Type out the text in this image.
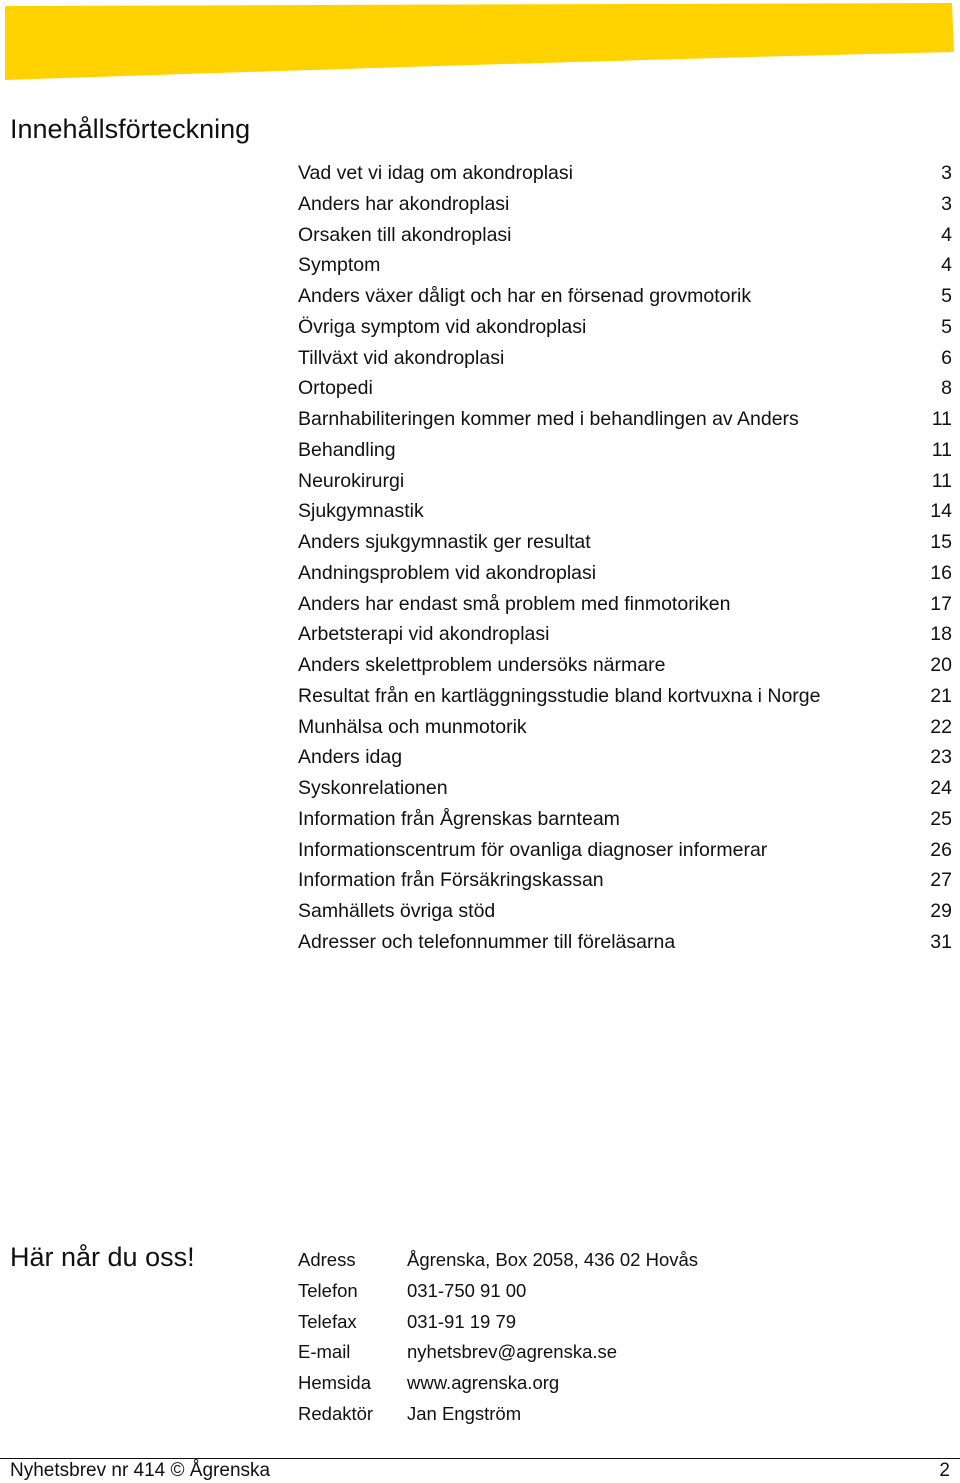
Innehållsförteckning
Vad vet vi idag om akondroplasi	3
Anders har akondroplasi	3
Orsaken till akondroplasi	4
Symptom	4
Anders växer dåligt och har en försenad grovmotorik	5
Övriga symptom vid akondroplasi	5
Tillväxt vid akondroplasi	6
Ortopedi	8
Barnhabiliteringen kommer med i behandlingen av Anders	11
Behandling	11
Neurokirurgi	11
Sjukgymnastik	14
Anders sjukgymnastik ger resultat	15
Andningsproblem vid akondroplasi	16
Anders har endast små problem med finmotoriken	17
Arbetsterapi vid akondroplasi	18
Anders skelettproblem undersöks närmare	20
Resultat från en kartläggningsstudie bland kortvuxna i Norge	21
Munhälsa och munmotorik	22
Anders idag	23
Syskonrelationen	24
Information från Ågrenskas barnteam	25
Informationscentrum för ovanliga diagnoser informerar	26
Information från Försäkringskassan	27
Samhällets övriga stöd	29
Adresser och telefonnummer till föreläsarna	31
Här når du oss!	Adress	Ågrenska, Box 2058, 436 02 Hovås
Telefon	031-750 91 00
Telefax	031-91 19 79
E-mail	nyhetsbrev@agrenska.se
Hemsida	www.agrenska.org
Redaktör	Jan Engström
Nyhetsbrev nr 414 © Ågrenska	2
